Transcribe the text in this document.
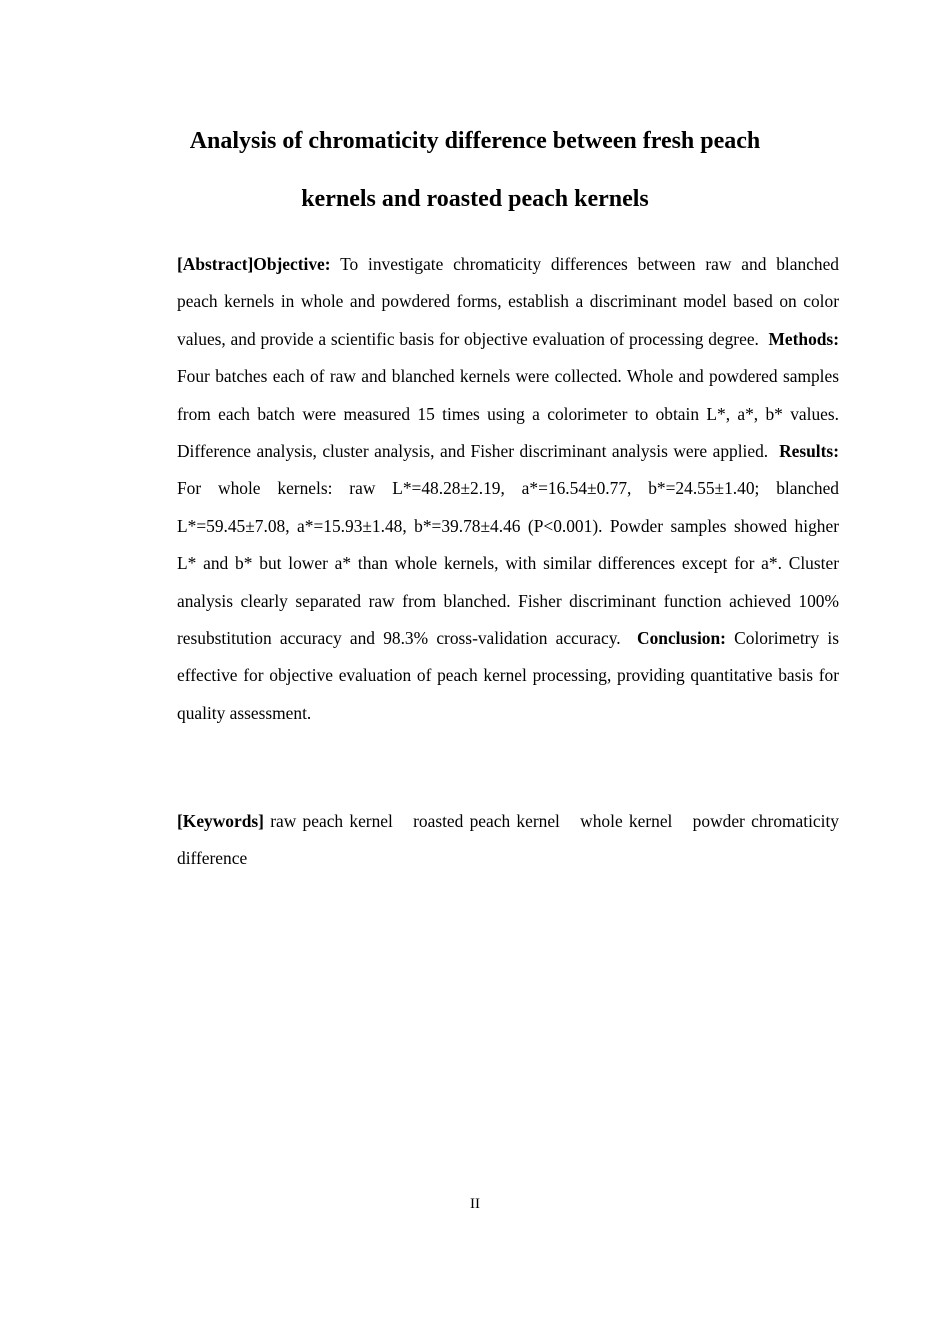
Analysis of chromaticity difference between fresh peach
kernels and roasted peach kernels

[Abstract]Objective: To investigate chromaticity differences between raw and blanched peach kernels in whole and powdered forms, establish a discriminant model based on color values, and provide a scientific basis for objective evaluation of processing degree. Methods: Four batches each of raw and blanched kernels were collected. Whole and powdered samples from each batch were measured 15 times using a colorimeter to obtain L*, a*, b* values. Difference analysis, cluster analysis, and Fisher discriminant analysis were applied. Results: For whole kernels: raw L*=48.28±2.19, a*=16.54±0.77, b*=24.55±1.40; blanched L*=59.45±7.08, a*=15.93±1.48, b*=39.78±4.46 (P<0.001). Powder samples showed higher L* and b* but lower a* than whole kernels, with similar differences except for a*. Cluster analysis clearly separated raw from blanched. Fisher discriminant function achieved 100% resubstitution accuracy and 98.3% cross-validation accuracy. Conclusion: Colorimetry is effective for objective evaluation of peach kernel processing, providing quantitative basis for quality assessment.

[Keywords] raw peach kernel roasted peach kernel whole kernel powder chromaticity difference

II
